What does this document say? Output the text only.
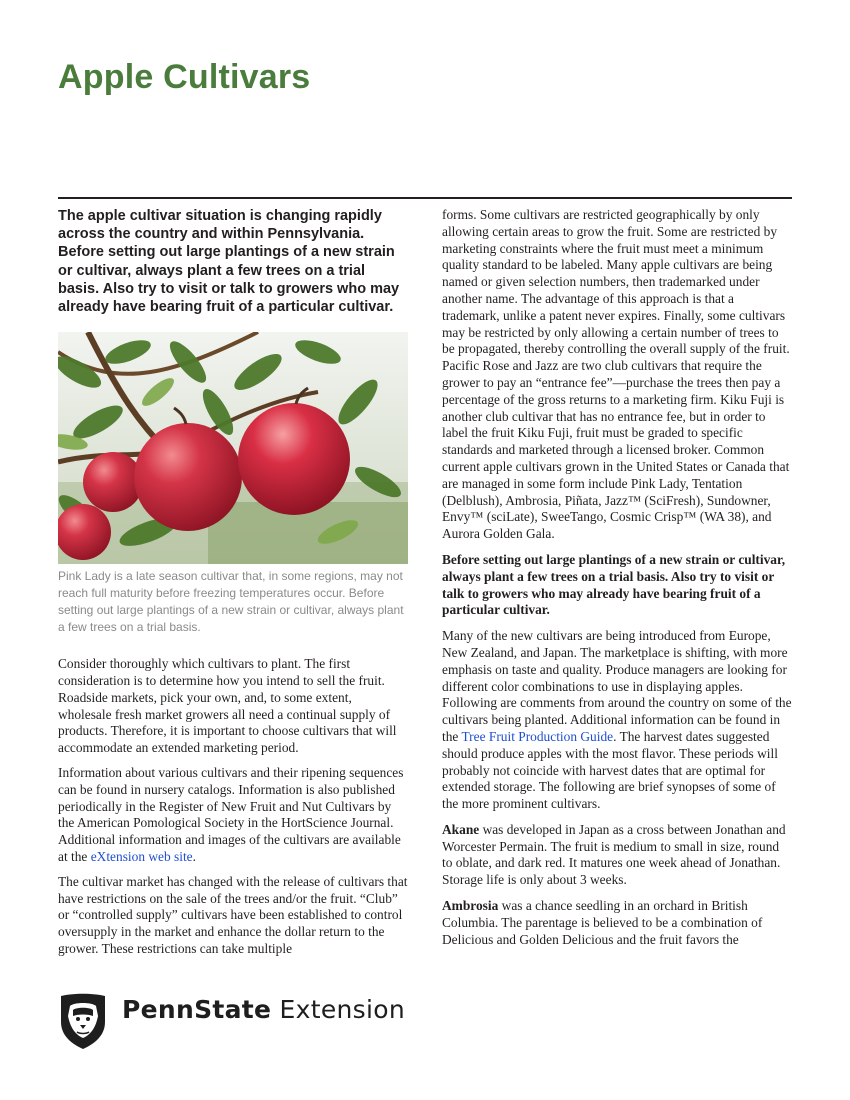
Apple Cultivars

The apple cultivar situation is changing rapidly across the country and within Pennsylvania. Before setting out large plantings of a new strain or cultivar, always plant a few trees on a trial basis. Also try to visit or talk to growers who may already have bearing fruit of a particular cultivar.

Pink Lady is a late season cultivar that, in some regions, may not reach full maturity before freezing temperatures occur. Before setting out large plantings of a new strain or cultivar, always plant a few trees on a trial basis.

Consider thoroughly which cultivars to plant. The first consideration is to determine how you intend to sell the fruit. Roadside markets, pick your own, and, to some extent, wholesale fresh market growers all need a continual supply of products. Therefore, it is important to choose cultivars that will accommodate an extended marketing period.

Information about various cultivars and their ripening sequences can be found in nursery catalogs. Information is also published periodically in the Register of New Fruit and Nut Cultivars by the American Pomological Society in the HortScience Journal. Additional information and images of the cultivars are available at the eXtension web site.

The cultivar market has changed with the release of cultivars that have restrictions on the sale of the trees and/or the fruit. “Club” or “controlled supply” cultivars have been established to control oversupply in the market and enhance the dollar return to the grower. These restrictions can take multiple

forms. Some cultivars are restricted geographically by only allowing certain areas to grow the fruit. Some are restricted by marketing constraints where the fruit must meet a minimum quality standard to be labeled. Many apple cultivars are being named or given selection numbers, then trademarked under another name. The advantage of this approach is that a trademark, unlike a patent never expires. Finally, some cultivars may be restricted by only allowing a certain number of trees to be propagated, thereby controlling the overall supply of the fruit. Pacific Rose and Jazz are two club cultivars that require the grower to pay an “entrance fee”—purchase the trees then pay a percentage of the gross returns to a marketing firm. Kiku Fuji is another club cultivar that has no entrance fee, but in order to label the fruit Kiku Fuji, fruit must be graded to specific standards and marketed through a licensed broker. Common current apple cultivars grown in the United States or Canada that are managed in some form include Pink Lady, Tentation (Delblush), Ambrosia, Piñata, Jazz™ (SciFresh), Sundowner, Envy™ (sciLate), SweeTango, Cosmic Crisp™ (WA 38), and Aurora Golden Gala.

Before setting out large plantings of a new strain or cultivar, always plant a few trees on a trial basis. Also try to visit or talk to growers who may already have bearing fruit of a particular cultivar.

Many of the new cultivars are being introduced from Europe, New Zealand, and Japan. The marketplace is shifting, with more emphasis on taste and quality. Produce managers are looking for different color combinations to use in displaying apples. Following are comments from around the country on some of the cultivars being planted. Additional information can be found in the Tree Fruit Production Guide. The harvest dates suggested should produce apples with the most flavor. These periods will probably not coincide with harvest dates that are optimal for extended storage. The following are brief synopses of some of the more prominent cultivars.

Akane was developed in Japan as a cross between Jonathan and Worcester Permain. The fruit is medium to small in size, round to oblate, and dark red. It matures one week ahead of Jonathan. Storage life is only about 3 weeks.

Ambrosia was a chance seedling in an orchard in British Columbia. The parentage is believed to be a combination of Delicious and Golden Delicious and the fruit favors the

PennState Extension
